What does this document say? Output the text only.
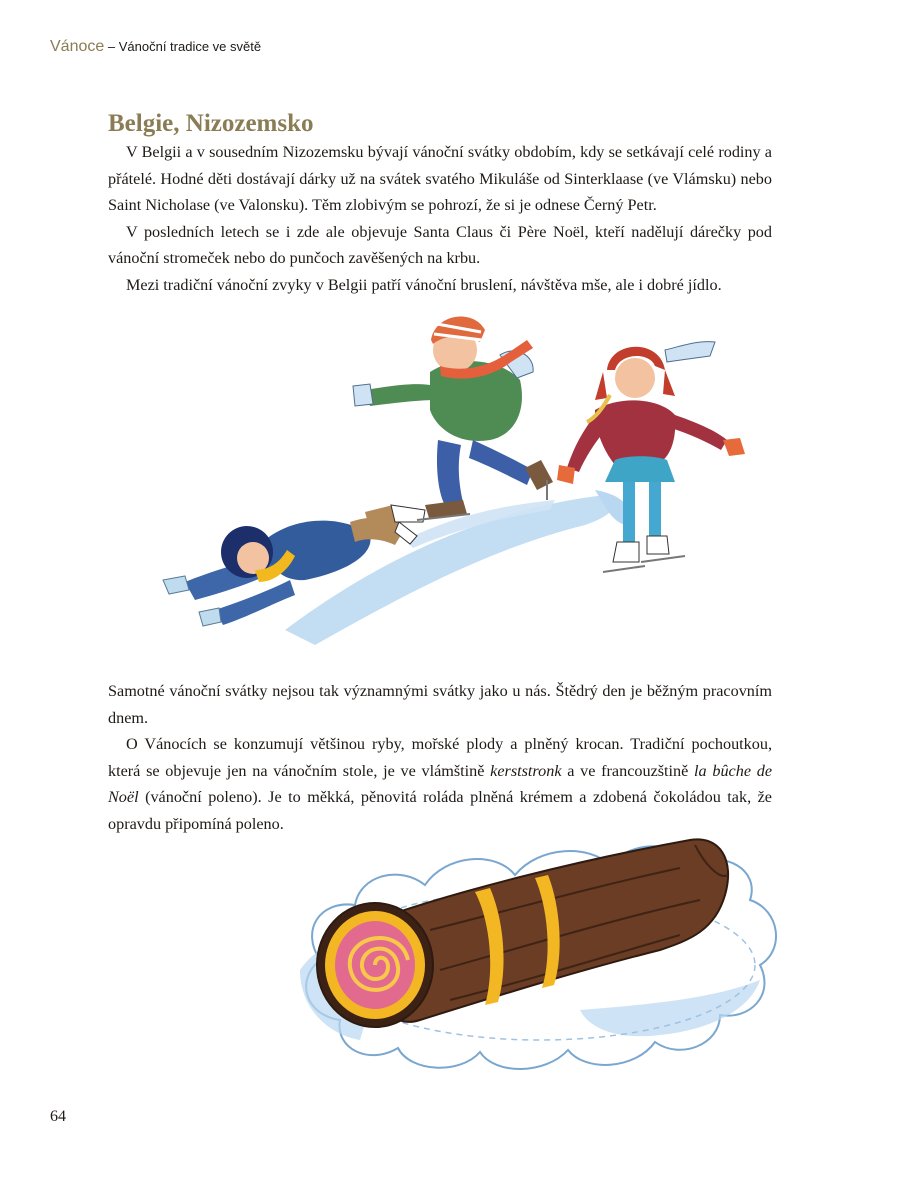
Vánoce – Vánoční tradice ve světě
Belgie, Nizozemsko

V Belgii a v sousedním Nizozemsku bývají vánoční svátky obdobím, kdy se setkávají celé rodiny a přátelé. Hodné děti dostávají dárky už na svátek svatého Mikuláše od Sinterklaase (ve Vlámsku) nebo Saint Nicholase (ve Valonsku). Těm zlobivým se pohrozí, že si je odnese Černý Petr.

V posledních letech se i zde ale objevuje Santa Claus či Père Noël, kteří nadělují dárečky pod vánoční stromeček nebo do punčoch zavěšených na krbu.

Mezi tradiční vánoční zvyky v Belgii patří vánoční bruslení, návštěva mše, ale i dobré jídlo.

Samotné vánoční svátky nejsou tak významnými svátky jako u nás. Štědrý den je běžným pracovním dnem.

O Vánocích se konzumují většinou ryby, mořské plody a plněný krocan. Tradiční pochoutkou, která se objevuje jen na vánočním stole, je ve vlámštině kerststronk a ve francouzštině la bûche de Noël (vánoční poleno). Je to měkká, pěnovitá roláda plněná krémem a zdobená čokoládou tak, že opravdu připomíná poleno.

64
